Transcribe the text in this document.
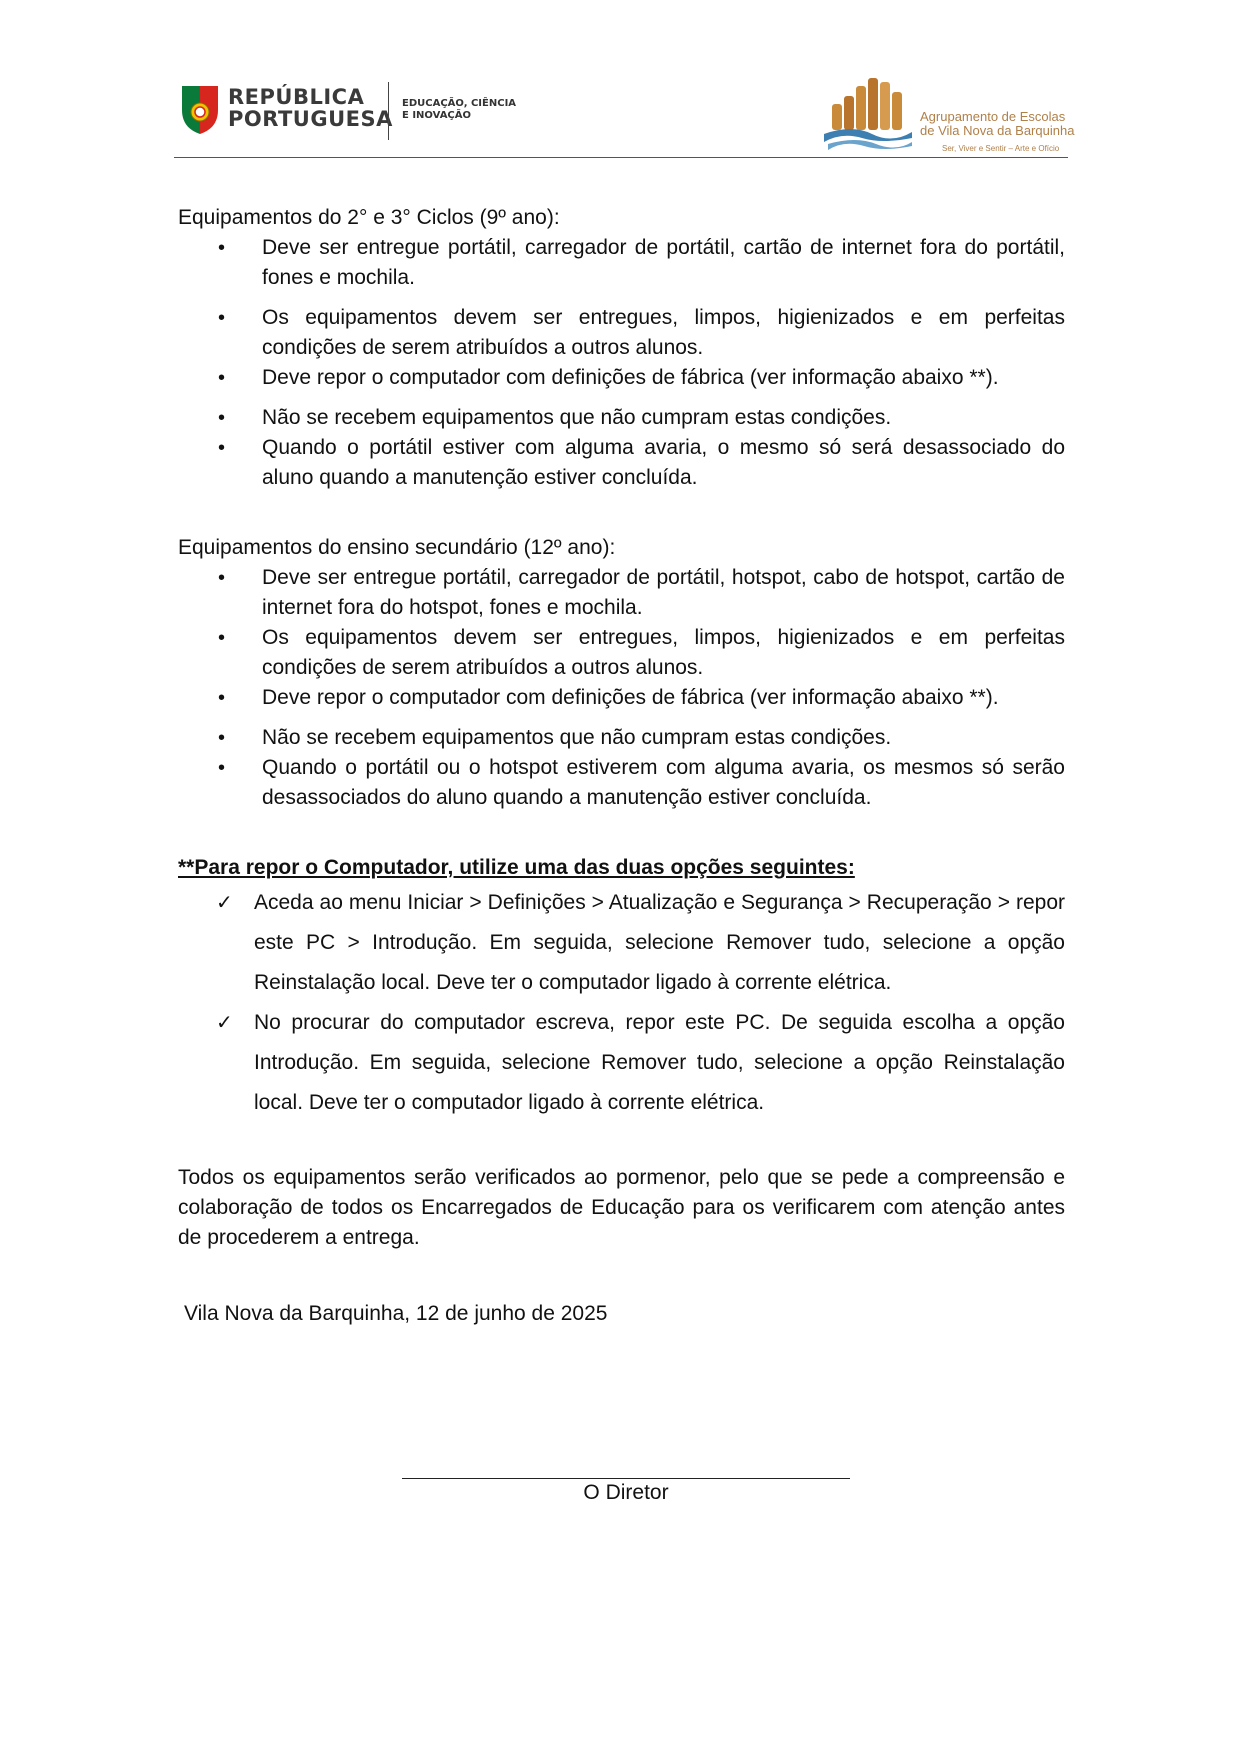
REPÚBLICA
PORTUGUESA
EDUCAÇÃO, CIÊNCIA
E INOVAÇÃO	Agrupamento de Escolas
de Vila Nova da Barquinha
Ser, Viver e Sentir – Arte e Ofício

Equipamentos do 2° e 3° Ciclos (9º ano):

• Deve ser entregue portátil, carregador de portátil, cartão de internet fora do portátil, fones e mochila.
• Os equipamentos devem ser entregues, limpos, higienizados e em perfeitas condições de serem atribuídos a outros alunos.
• Deve repor o computador com definições de fábrica (ver informação abaixo **).
• Não se recebem equipamentos que não cumpram estas condições.
• Quando o portátil estiver com alguma avaria, o mesmo só será desassociado do aluno quando a manutenção estiver concluída.

Equipamentos do ensino secundário (12º ano):

• Deve ser entregue portátil, carregador de portátil, hotspot, cabo de hotspot, cartão de internet fora do hotspot, fones e mochila.
• Os equipamentos devem ser entregues, limpos, higienizados e em perfeitas condições de serem atribuídos a outros alunos.
• Deve repor o computador com definições de fábrica (ver informação abaixo **).
• Não se recebem equipamentos que não cumpram estas condições.
• Quando o portátil ou o hotspot estiverem com alguma avaria, os mesmos só serão desassociados do aluno quando a manutenção estiver concluída.

**Para repor o Computador, utilize uma das duas opções seguintes:

✓ Aceda ao menu Iniciar > Definições > Atualização e Segurança > Recuperação > repor este PC > Introdução. Em seguida, selecione Remover tudo, selecione a opção Reinstalação local. Deve ter o computador ligado à corrente elétrica.
✓ No procurar do computador escreva, repor este PC. De seguida escolha a opção Introdução. Em seguida, selecione Remover tudo, selecione a opção Reinstalação local. Deve ter o computador ligado à corrente elétrica.

Todos os equipamentos serão verificados ao pormenor, pelo que se pede a compreensão e colaboração de todos os Encarregados de Educação para os verificarem com atenção antes de procederem a entrega.

Vila Nova da Barquinha, 12 de junho de 2025

O Diretor
